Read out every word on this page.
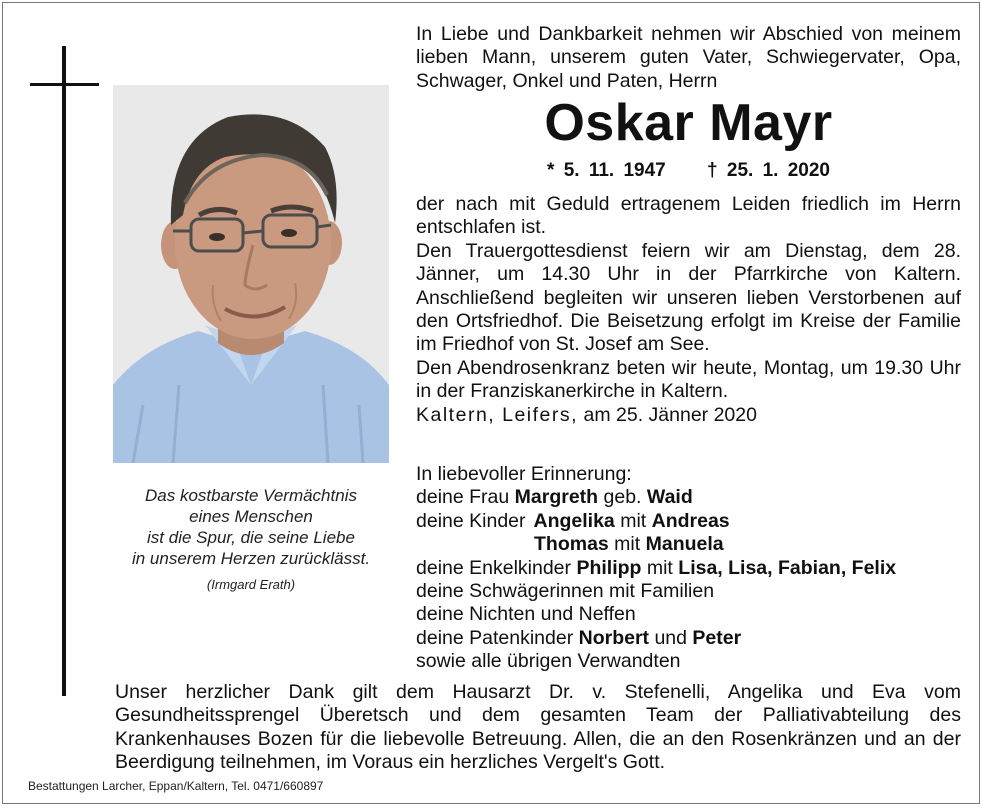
Das kostbarste Vermächtnis
eines Menschen
ist die Spur, die seine Liebe
in unserem Herzen zurücklässt.
(Irmgard Erath)
In Liebe und Dankbarkeit nehmen wir Abschied von meinem lieben Mann, unserem guten Vater, Schwiegervater, Opa, Schwager, Onkel und Paten, Herrn
Oskar Mayr
* 5. 11. 1947 † 25. 1. 2020

der nach mit Geduld ertragenem Leiden friedlich im Herrn entschlafen ist.

Den Trauergottesdienst feiern wir am Dienstag, dem 28. Jänner, um 14.30 Uhr in der Pfarrkirche von Kaltern. Anschließend begleiten wir unseren lieben Verstorbenen auf den Ortsfriedhof. Die Beisetzung erfolgt im Kreise der Familie im Friedhof von St. Josef am See.

Den Abendrosenkranz beten wir heute, Montag, um 19.30 Uhr in der Franziskanerkirche in Kaltern.

Kaltern, Leifers, am 25. Jänner 2020

In liebevoller Erinnerung:
deine Frau Margreth geb. Waid
deine Kinder Angelika mit Andreas
Thomas mit Manuela
deine Enkelkinder Philipp mit Lisa, Lisa, Fabian, Felix
deine Schwägerinnen mit Familien
deine Nichten und Neffen
deine Patenkinder Norbert und Peter
sowie alle übrigen Verwandten
Unser herzlicher Dank gilt dem Hausarzt Dr. v. Stefenelli, Angelika und Eva vom Gesundheitssprengel Überetsch und dem gesamten Team der Palliativabteilung des Krankenhauses Bozen für die liebevolle Betreuung. Allen, die an den Rosenkränzen und an der Beerdigung teilnehmen, im Voraus ein herzliches Vergelt's Gott.
Bestattungen Larcher, Eppan/Kaltern, Tel. 0471/660897
